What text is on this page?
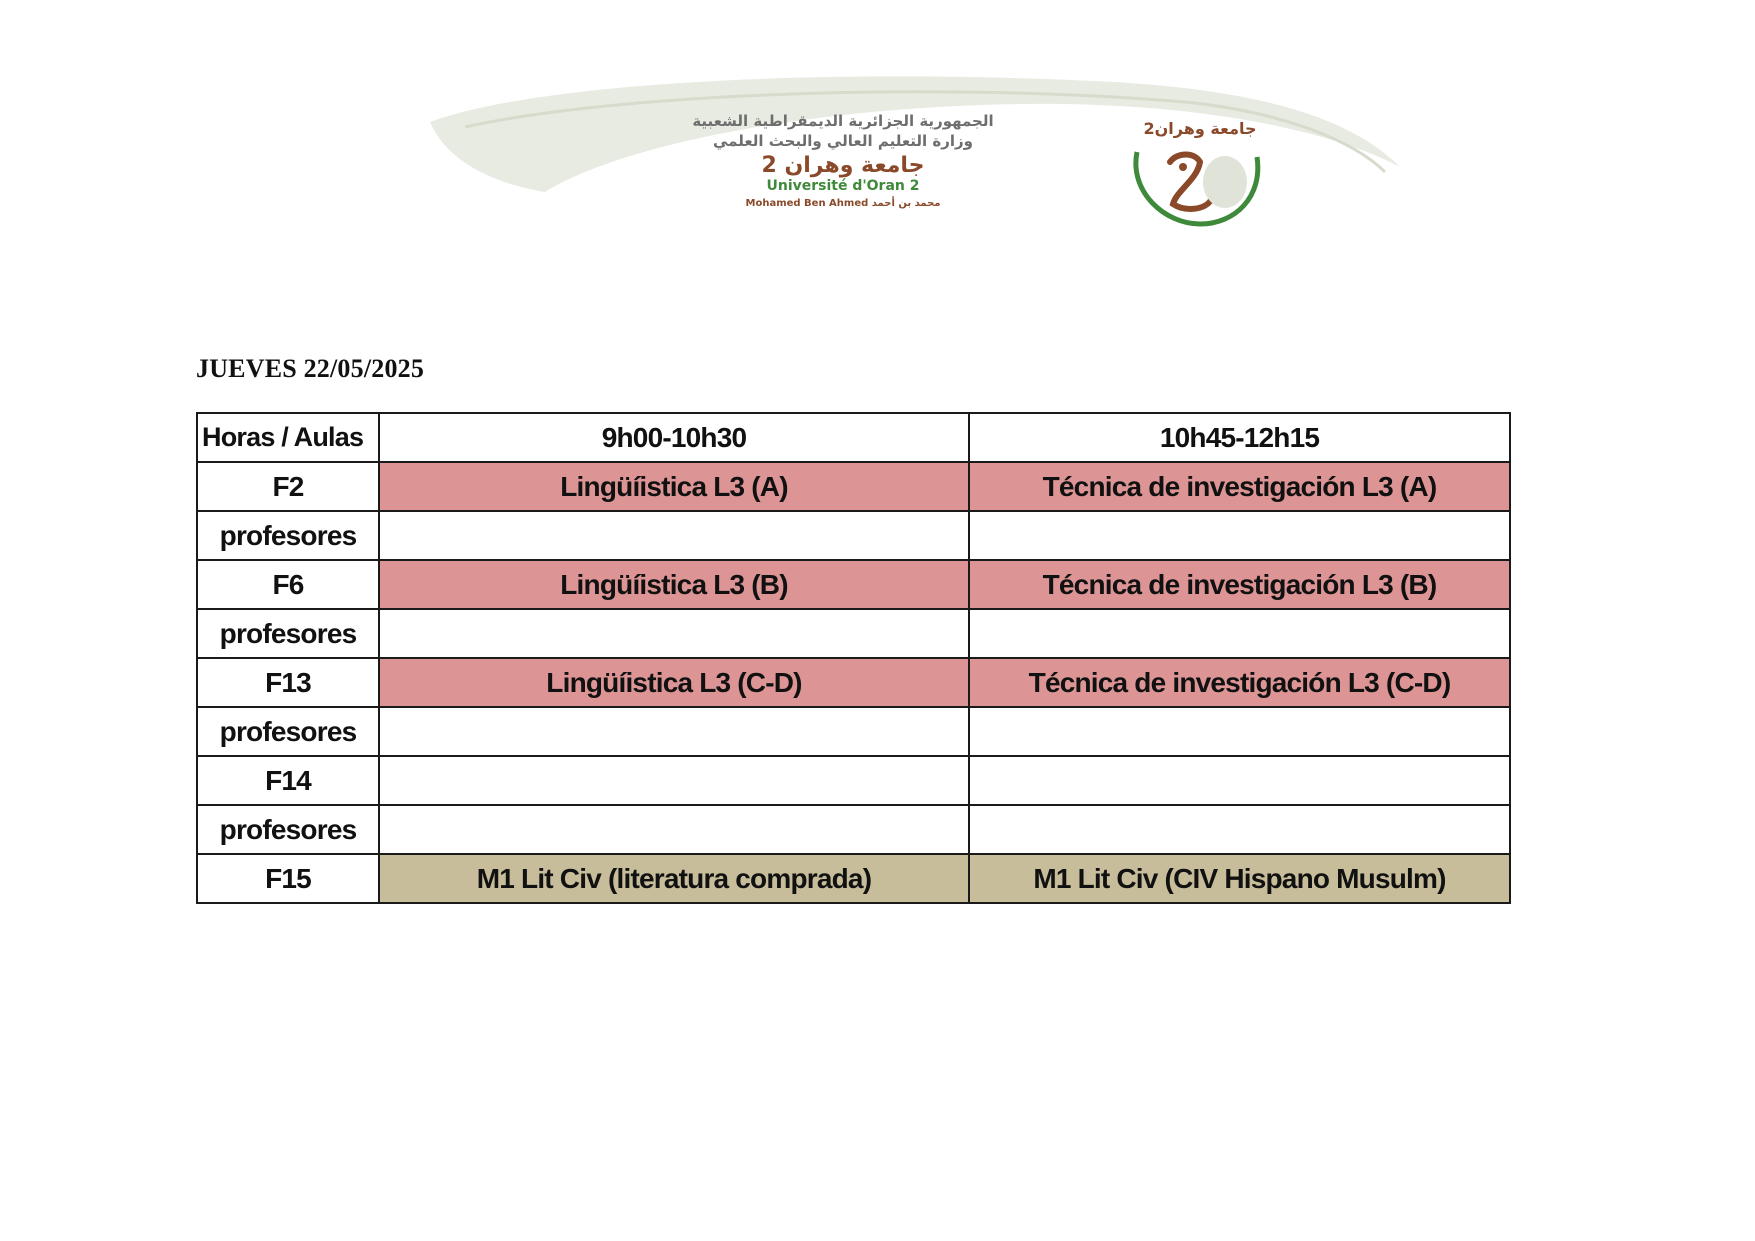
الجمهورية الجزائرية الديمقراطية الشعبية
وزارة التعليم العالي والبحث العلمي
جامعة وهران 2
Université d'Oran 2
Mohamed Ben Ahmed محمد بن أحمد
جامعة وهران2
JUEVES 22/05/2025
Horas / Aulas	9h00-10h30	10h45-12h15
F2	Lingüíistica L3 (A)	Técnica de investigación L3 (A)
profesores		
F6	Lingüíistica L3 (B)	Técnica de investigación L3 (B)
profesores		
F13	Lingüíistica L3 (C-D)	Técnica de investigación L3 (C-D)
profesores		
F14		
profesores		
F15	M1 Lit Civ (literatura comprada)	M1 Lit Civ (CIV Hispano Musulm)
